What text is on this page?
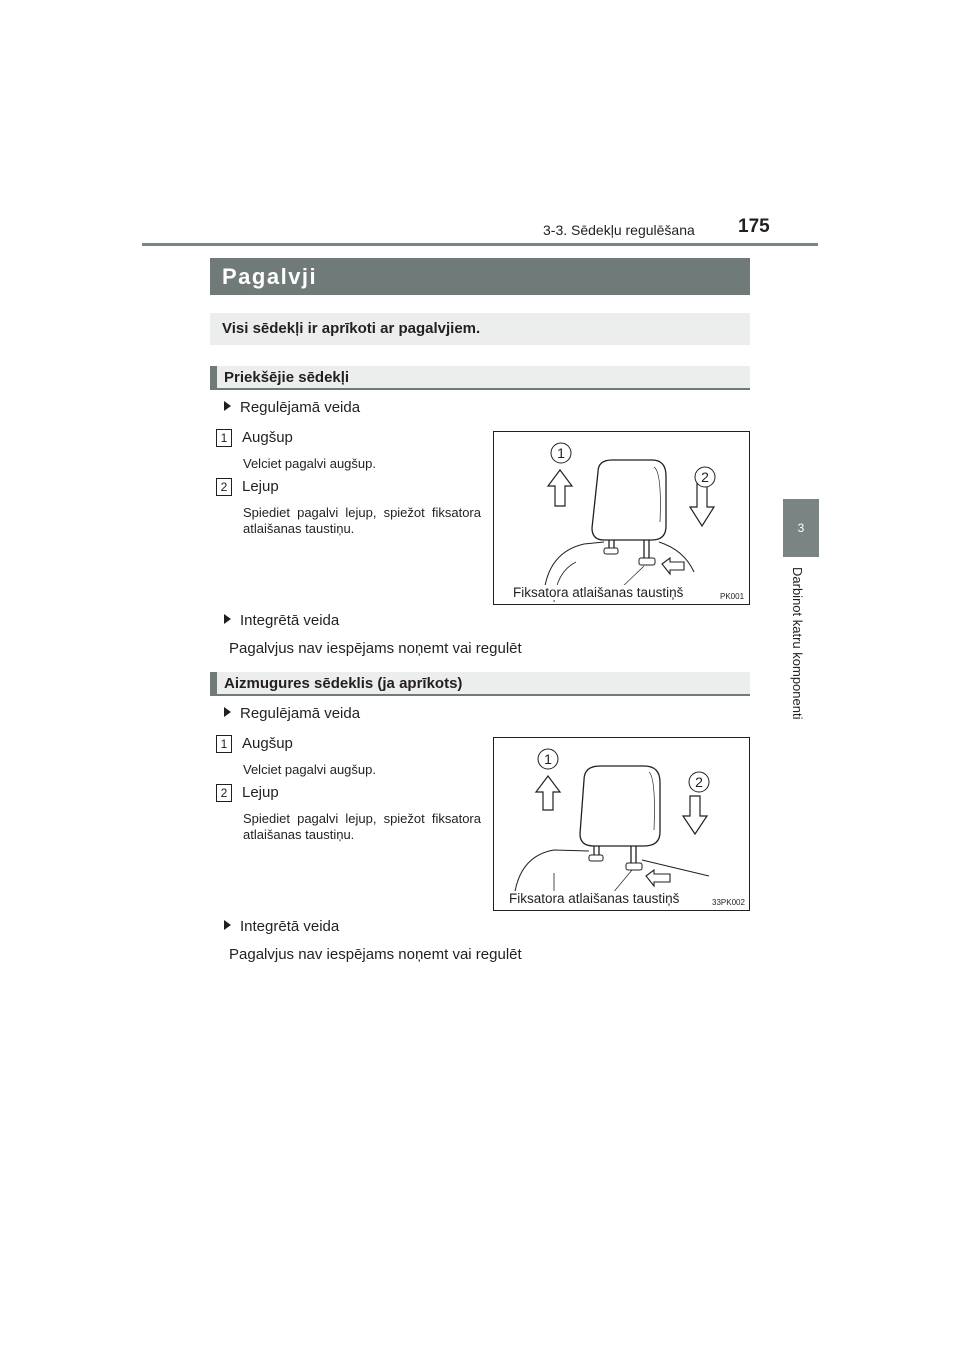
3-3. Sēdekļu regulēšana 175
3
Darbinot katru komponenti
Pagalvji
Visi sēdekļi ir aprīkoti ar pagalvjiem.
Priekšējie sēdekļi
Regulējamā veida
1 Augšup
Velciet pagalvi augšup.
2 Lejup
Spiediet pagalvi lejup, spiežot fiksatora atlaišanas taustiņu.
1
2
Fiksatora atlaišanas taustiņš	PK001
Integrētā veida
Pagalvjus nav iespējams noņemt vai regulēt
Aizmugures sēdeklis (ja aprīkots)
Regulējamā veida
1 Augšup
Velciet pagalvi augšup.
2 Lejup
Spiediet pagalvi lejup, spiežot fiksatora atlaišanas taustiņu.
1
2
Fiksatora atlaišanas taustiņš	33PK002
Integrētā veida
Pagalvjus nav iespējams noņemt vai regulēt
